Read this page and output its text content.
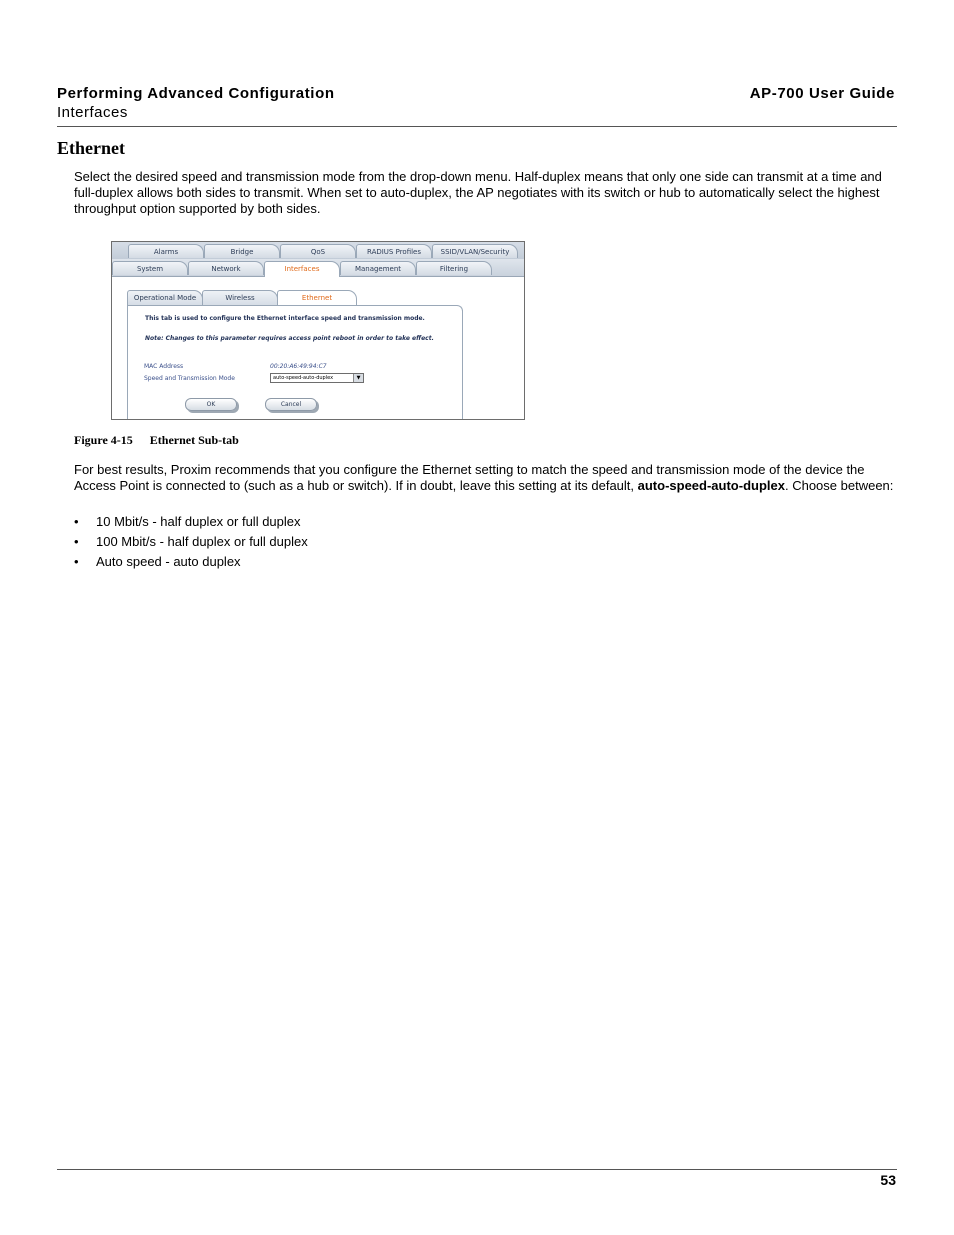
Performing Advanced Configuration
Interfaces
AP-700 User Guide
Ethernet

Select the desired speed and transmission mode from the drop-down menu. Half-duplex means that only one side can transmit at a time and full-duplex allows both sides to transmit. When set to auto-duplex, the AP negotiates with its switch or hub to automatically select the highest throughput option supported by both sides.

Alarms	Bridge	QoS	RADIUS Profiles	SSID/VLAN/Security
System	Network	Interfaces	Management	Filtering
Operational Mode	Wireless	Ethernet
This tab is used to configure the Ethernet interface speed and transmission mode.
Note: Changes to this parameter requires access point reboot in order to take effect.
MAC Address	00:20:A6:49:94:C7
Speed and Transmission Mode	auto-speed-auto-duplex	▼
OK	Cancel
Figure 4-15 Ethernet Sub-tab

For best results, Proxim recommends that you configure the Ethernet setting to match the speed and transmission mode of the device the Access Point is connected to (such as a hub or switch). If in doubt, leave this setting at its default, auto-speed-auto-duplex. Choose between:

• 10 Mbit/s - half duplex or full duplex
• 100 Mbit/s - half duplex or full duplex
• Auto speed - auto duplex
53
